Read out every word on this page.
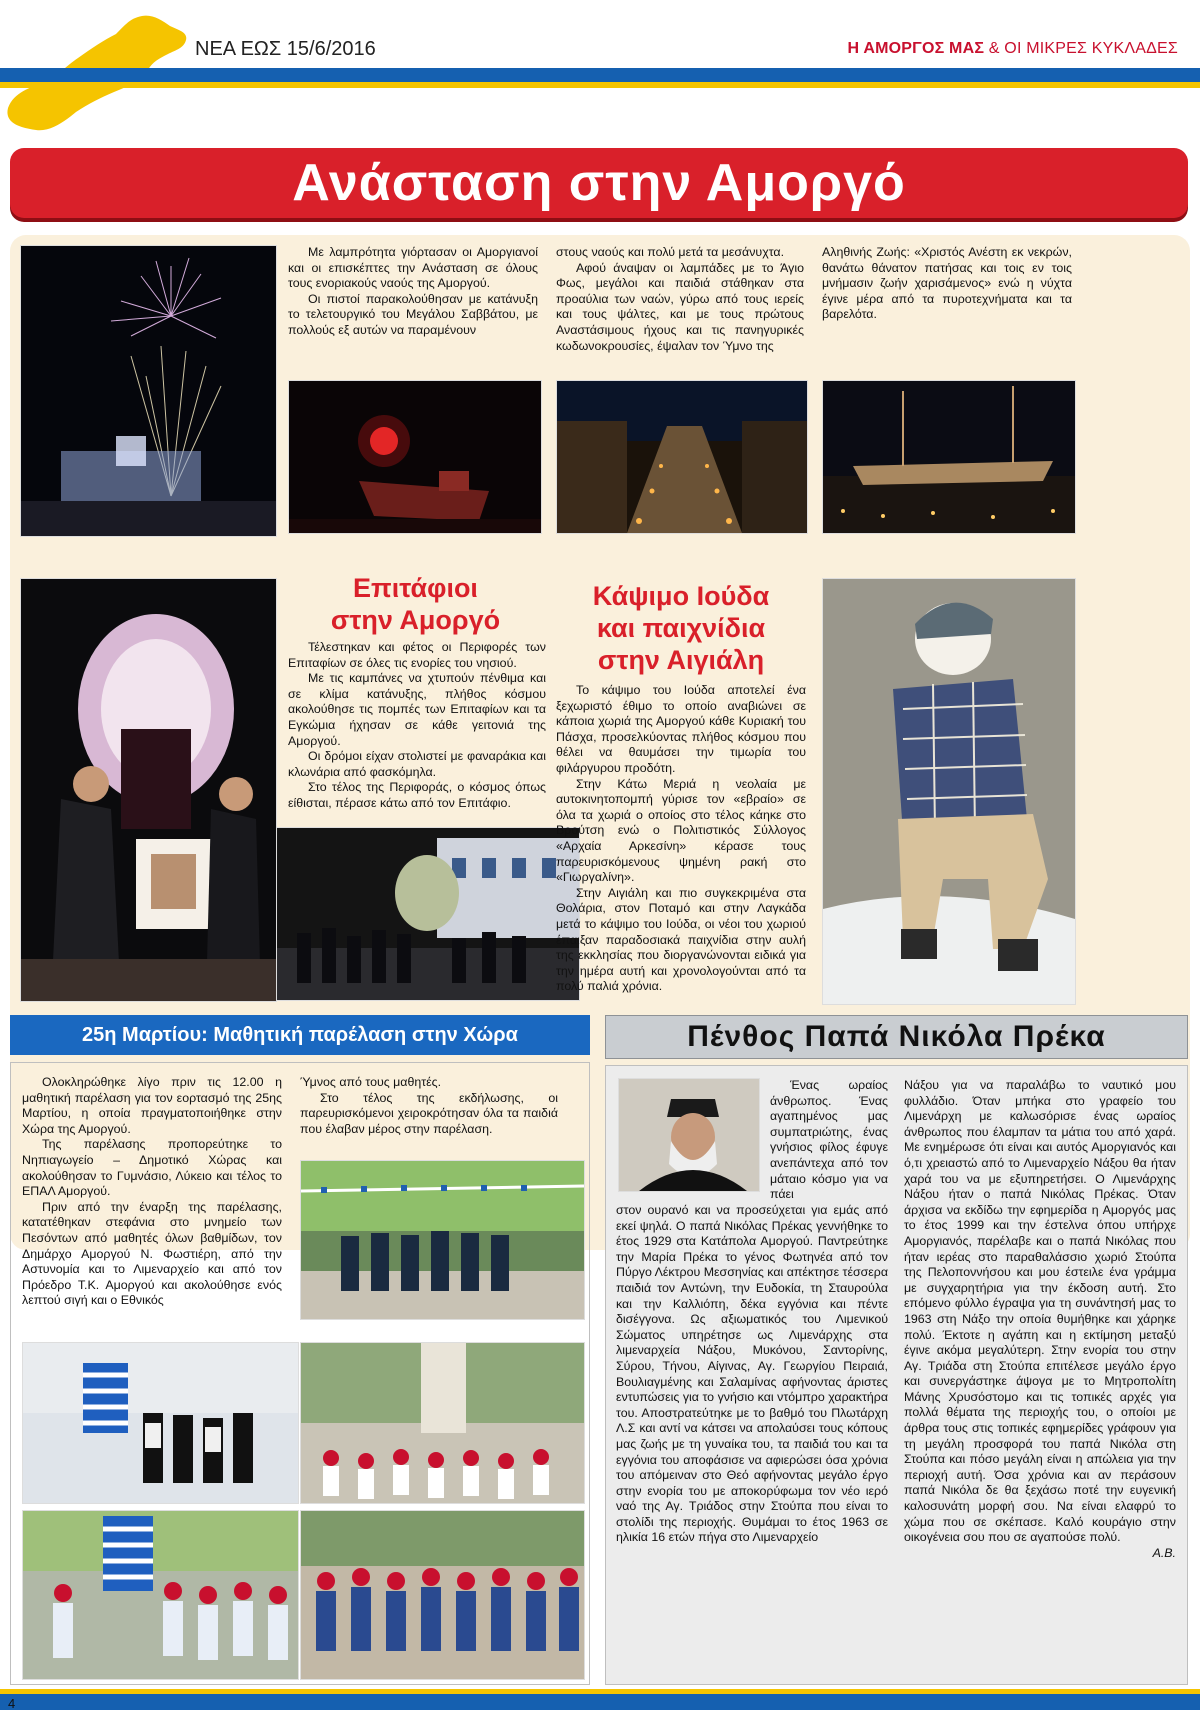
ΝΕΑ ΕΩΣ 15/6/2016	Η ΑΜΟΡΓΟΣ ΜΑΣ & ΟΙ ΜΙΚΡΕΣ ΚΥΚΛΑΔΕΣ
Ανάσταση στην Αμοργό

Με λαμπρότητα γιόρτασαν οι Αμοργιανοί και οι επισκέπτες την Ανάσταση σε όλους τους ενοριακούς ναούς της Αμοργού.

Οι πιστοί παρακολούθησαν με κατάνυξη το τελετουργικό του Μεγάλου Σαββάτου, με πολλούς εξ αυτών να παραμένουν

στους ναούς και πολύ μετά τα μεσάνυχτα.

Αφού άναψαν οι λαμπάδες με το Άγιο Φως, μεγάλοι και παιδιά στάθηκαν στα προαύλια των ναών, γύρω από τους ιερείς και τους ψάλτες, και με τους πρώτους Αναστάσιμους ήχους και τις πανηγυρικές κωδωνοκρουσίες, έψαλαν τον Ύμνο της

Αληθινής Ζωής: «Χριστός Ανέστη εκ νεκρών, θανάτω θάνατον πατήσας και τοις εν τοις μνήμασιν ζωήν χαρισάμενος» ενώ η νύχτα έγινε μέρα από τα πυροτεχνήματα και τα βαρελότα.

Επιτάφιοι

στην Αμοργό

Τέλεστηκαν και φέτος οι Περιφορές των Επιταφίων σε όλες τις ενορίες του νησιού.

Με τις καμπάνες να χτυπούν πένθιμα και σε κλίμα κατάνυξης, πλήθος κόσμου ακολούθησε τις πομπές των Επιταφίων και τα Εγκώμια ήχησαν σε κάθε γειτονιά της Αμοργού.

Οι δρόμοι είχαν στολιστεί με φαναράκια και κλωνάρια από φασκόμηλα.

Στο τέλος της Περιφοράς, ο κόσμος όπως είθισται, πέρασε κάτω από τον Επιτάφιο.

Κάψιμο Ιούδα

και παιχνίδια

στην Αιγιάλη

Το κάψιμο του Ιούδα αποτελεί ένα ξεχωριστό έθιμο το οποίο αναβιώνει σε κάποια χωριά της Αμοργού κάθε Κυριακή του Πάσχα, προσελκύοντας πλήθος κόσμου που θέλει να θαυμάσει την τιμωρία του φιλάργυρου προδότη.

Στην Κάτω Μεριά η νεολαία με αυτοκινητοπομπή γύρισε τον «εβραίο» σε όλα τα χωριά ο οποίος στο τέλος κάηκε στο Βρούτση ενώ ο Πολιτιστικός Σύλλογος «Αρχαία Αρκεσίνη» κέρασε τους παρευρισκόμενους ψημένη ρακή στο «Γιωργαλίνη».

Στην Αιγιάλη και πιο συγκεκριμένα στα Θολάρια, στον Ποταμό και στην Λαγκάδα μετά το κάψιμο του Ιούδα, οι νέοι του χωριού έπαιξαν παραδοσιακά παιχνίδια στην αυλή της εκκλησίας που διοργανώνονται ειδικά για την ημέρα αυτή και χρονολογούνται από τα πολύ παλιά χρόνια.

25η Μαρτίου: Μαθητική παρέλαση στην Χώρα

Ολοκληρώθηκε λίγο πριν τις 12.00 η μαθητική παρέλαση για τον εορτασμό της 25ης Μαρτίου, η οποία πραγματοποιήθηκε στην Χώρα της Αμοργού.

Της παρέλασης προπορεύτηκε το Νηπιαγωγείο – Δημοτικό Χώρας και ακολούθησαν το Γυμνάσιο, Λύκειο και τέλος το ΕΠΑΛ Αμοργού.

Πριν από την έναρξη της παρέλασης, κατατέθηκαν στεφάνια στο μνημείο των Πεσόντων από μαθητές όλων βαθμίδων, τον Δημάρχο Αμοργού Ν. Φωστιέρη, από την Αστυνομία και το Λιμεναρχείο και από τον Πρόεδρο Τ.Κ. Αμοργού και ακολούθησε ενός λεπτού σιγή και ο Εθνικός

Ύμνος από τους μαθητές.

Στο τέλος της εκδήλωσης, οι παρευρισκόμενοι χειροκρότησαν όλα τα παιδιά που έλαβαν μέρος στην παρέλαση.

Πένθος Παπά Νικόλα Πρέκα

Ένας ωραίος άνθρωπος. Ένας αγαπημένος μας συμπατριώτης, ένας γνήσιος φίλος έφυγε ανεπάντεχα από τον μάταιο κόσμο για να πάει

στον ουρανό και να προσεύχεται για εμάς από εκεί ψηλά. Ο παπά Νικόλας Πρέκας γεννήθηκε το έτος 1929 στα Κατάπολα Αμοργού. Παντρεύτηκε την Μαρία Πρέκα το γένος Φωτηνέα από τον Πύργο Λέκτρου Μεσσηνίας και απέκτησε τέσσερα παιδιά τον Αντώνη, την Ευδοκία, τη Σταυρούλα και την Καλλιόπη, δέκα εγγόνια και πέντε δισέγγονα. Ως αξιωματικός του Λιμενικού Σώματος υπηρέτησε ως Λιμενάρχης στα λιμεναρχεία Νάξου, Μυκόνου, Σαντορίνης, Σύρου, Τήνου, Αίγινας, Αγ. Γεωργίου Πειραιά, Βουλιαγμένης και Σαλαμίνας αφήνοντας άριστες εντυπώσεις για το γνήσιο και ντόμπρο χαρακτήρα του. Αποστρατεύτηκε με το βαθμό του Πλωτάρχη Λ.Σ και αντί να κάτσει να απολαύσει τους κόπους μας ζωής με τη γυναίκα του, τα παιδιά του και τα εγγόνια του αποφάσισε να αφιερώσει όσα χρόνια του απόμειναν στο Θεό αφήνοντας μεγάλο έργο στην ενορία του με αποκορύφωμα τον νέο ιερό ναό της Αγ. Τριάδος στην Στούπα που είναι το στολίδι της περιοχής. Θυμάμαι το έτος 1963 σε ηλικία 16 ετών πήγα στο Λιμεναρχείο

Νάξου για να παραλάβω το ναυτικό μου φυλλάδιο. Όταν μπήκα στο γραφείο του Λιμενάρχη με καλωσόρισε ένας ωραίος άνθρωπος που έλαμπαν τα μάτια του από χαρά. Με ενημέρωσε ότι είναι και αυτός Αμοργιανός και ό,τι χρειαστώ από το Λιμεναρχείο Νάξου θα ήταν χαρά του να με εξυπηρετήσει. Ο Λιμενάρχης Νάξου ήταν ο παπά Νικόλας Πρέκας. Όταν άρχισα να εκδίδω την εφημερίδα η Αμοργός μας το έτος 1999 και την έστελνα όπου υπήρχε Αμοργιανός, παρέλαβε και ο παπά Νικόλας που ήταν ιερέας στο παραθαλάσσιο χωριό Στούπα της Πελοποννήσου και μου έστειλε ένα γράμμα με συγχαρητήρια για την έκδοση αυτή. Στο επόμενο φύλλο έγραψα για τη συνάντησή μας το 1963 στη Νάξο την οποία θυμήθηκε και χάρηκε πολύ. Έκτοτε η αγάπη και η εκτίμηση μεταξύ έγινε ακόμα μεγαλύτερη. Στην ενορία του στην Αγ. Τριάδα στη Στούπα επιτέλεσε μεγάλο έργο και συνεργάστηκε άψογα με το Μητροπολίτη Μάνης Χρυσόστομο και τις τοπικές αρχές για πολλά θέματα της περιοχής του, ο οποίοι με άρθρα τους στις τοπικές εφημερίδες γράφουν για τη μεγάλη προσφορά του παπά Νικόλα στη Στούπα και πόσο μεγάλη είναι η απώλεια για την περιοχή αυτή. Όσα χρόνια και αν περάσουν παπά Νικόλα δε θα ξεχάσω ποτέ την ευγενική καλοσυνάτη μορφή σου. Να είναι ελαφρύ το χώμα που σε σκέπασε. Καλό κουράγιο στην οικογένεια σου που σε αγαπούσε πολύ.

Α.Β.
4
